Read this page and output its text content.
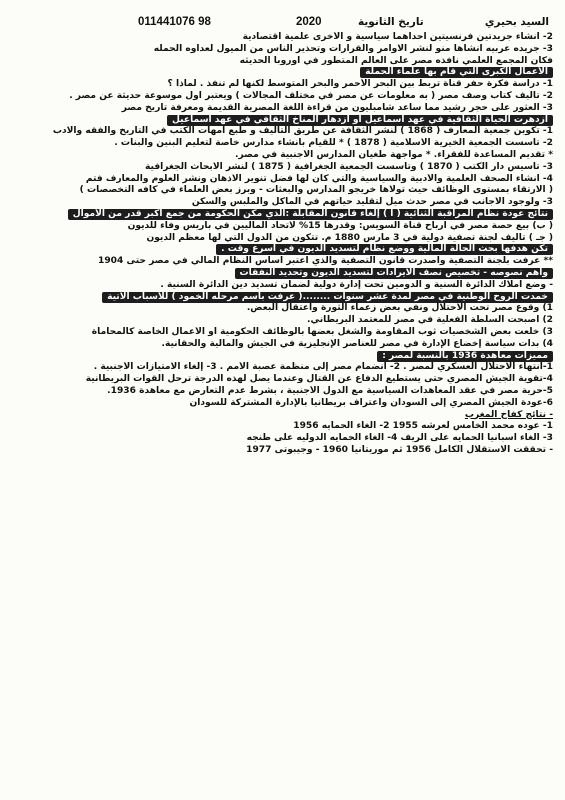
011441076 98	2020	تاريخ الثانوية	السيد بحيري
2- انشاء جريدتين فرنسيتين أحداهما سياسية و الأخرى علمية اقتصادية
3- جريده عربيه أنشأها منو لنشر الاوامر والقرارات وتحذير الناس من الميول لعداوه الحمله
فكان المجمع العلمي نافذه مصر على العالم المتطور في اوروبا الحديثه
الأعمال الكبرى التي قام بها علماء الحملة
1- دراسة فكرة حفر قناة تربط بين البحر الأحمر والبحر المتوسط لكنها لم تنفذ . لماذا ؟
2- تأليف كتاب وصف مصر ( به معلومات عن مصر في مختلف المجالات ) ويعتبر اول موسوعة حديثة عن مصر .
3- العثور على حجر رشيد مما ساعد شامبليون من قراءة اللغة المصرية القديمة ومعرفة تاريخ مصر
ازدهرت الحياة الثقافية في عهد اسماعيل أو ازدهار المناخ الثقافي في عهد اسماعيل
1- تكوين جمعية المعارف ( 1868 ) لنشر الثقافة عن طريق التأليف و طبع أمهات الكتب في التاريخ والفقه والادب
2- تاسست الجمعية الخيرية الاسلامية ( 1878 ) * للقيام بانشاء مدارس خاصة لتعليم البنين والبنات .
* تقديم المساعدة للفقراء. * مواجهة طغيان المدارس الأجنبية في مصر.
3- تأسيس دار الكتب ( 1870 ) وتاسست الجمعية الجغرافية ( 1875 ) لنشر الابحاث الجغرافية
4- انشاء الصحف العلمية والأدبية والسياسية والتي كان لها فضل تنوير الاذهان ونشر العلوم والمعارف فتم
( الارتقاء بمستوى الوظائف حيث تولاها خريجو المدارس والبعثات - وبرز بعض العلماء في كافه التخصصات )
3- ولوجود الاجانب في مصر حدث ميل لتقليد حياتهم في المآكل والملبس والسكن
نتائج عودة نظام المراقبة الثنائية ( أ ) إلغاء قانون المقابلة :الذي مكن الحكومة من جمع أكبر قدر من الأموال
( ب) بيع حصة مصر في أرباح قناة السويس: وقدرها 15% لاتحاد الماليين في باريس وفاء للديون
( جـ ) تأليف لجنة تصفية دولية في 3 مارس 1880 م. تتكون من الدول التي لها معظم الديون
تكن هدفها بحث الحالة المالية ووضع نظام لتسديد الديون في اسرع وقت .
** عرفت بلجنة التصفية واصدرت قانون التصفية والذي أعتبر أساس النظام المالي في مصر حتى 1904
واهم نصوصه - تخصيص نصف الايرادات لتسديد الديون وتحديد النفقات
- وضع املاك الدائرة السنية و الدومين تحت إدارة دولية لضمان تسديد دين الدائرة السنية .
خمدت الروح الوطنية في مصر لمدة عشر سنوات ........( عرفت باسم مرحله الخمود ) للأسباب الاتية
1) وقوع مصر تحت الاحتلال ونفي بعض زعماء الثورة واعتقال البعض.
2) أصبحت السلطة الفعلية في مصر للمعتمد البريطاني.
3) خلعت بعض الشخصيات ثوب المقاومة والشغل بعضها بالوظائف الحكومية أو الأعمال الخاصة كالمحاماة
4) بدأت سياسة إخضاع الإدارة في مصر للعناصر الإنجليزية في الجيش والمالية والحقانية.
مميزات معاهدة 1936 بالنسبة لمصر :
1-انتهاء الاحتلال العسكري لمصر . 2- انضمام مصر إلى منظمة عصبة الأمم . 3- إلغاء الامتيازات الأجنبية .
4-تقوية الجيش المصري حتى يستطيع الدفاع عن القتال وعندما يصل لهذه الدرجة ترحل القوات البريطانية
5-حرية مصر في عقد المعاهدات السياسية مع الدول الأجنبية ، بشرط عدم التعارض مع معاهدة 1936.
6-عودة الجيش المصري إلى السودان واعتراف بريطانيا بالإدارة المشتركة للسودان
- نتائج كفاح المغرب
1- عوده محمد الخامس لعرشه 1955 2- الغاء الحمايه 1956
3- الغاء اسبانيا الحمايه على الريف 4- الغاء الحمايه الدوليه على طنجه
- تحققت الاستقلال الكامل 1956 ثم موريتانيا 1960 - وجيبوتى 1977
